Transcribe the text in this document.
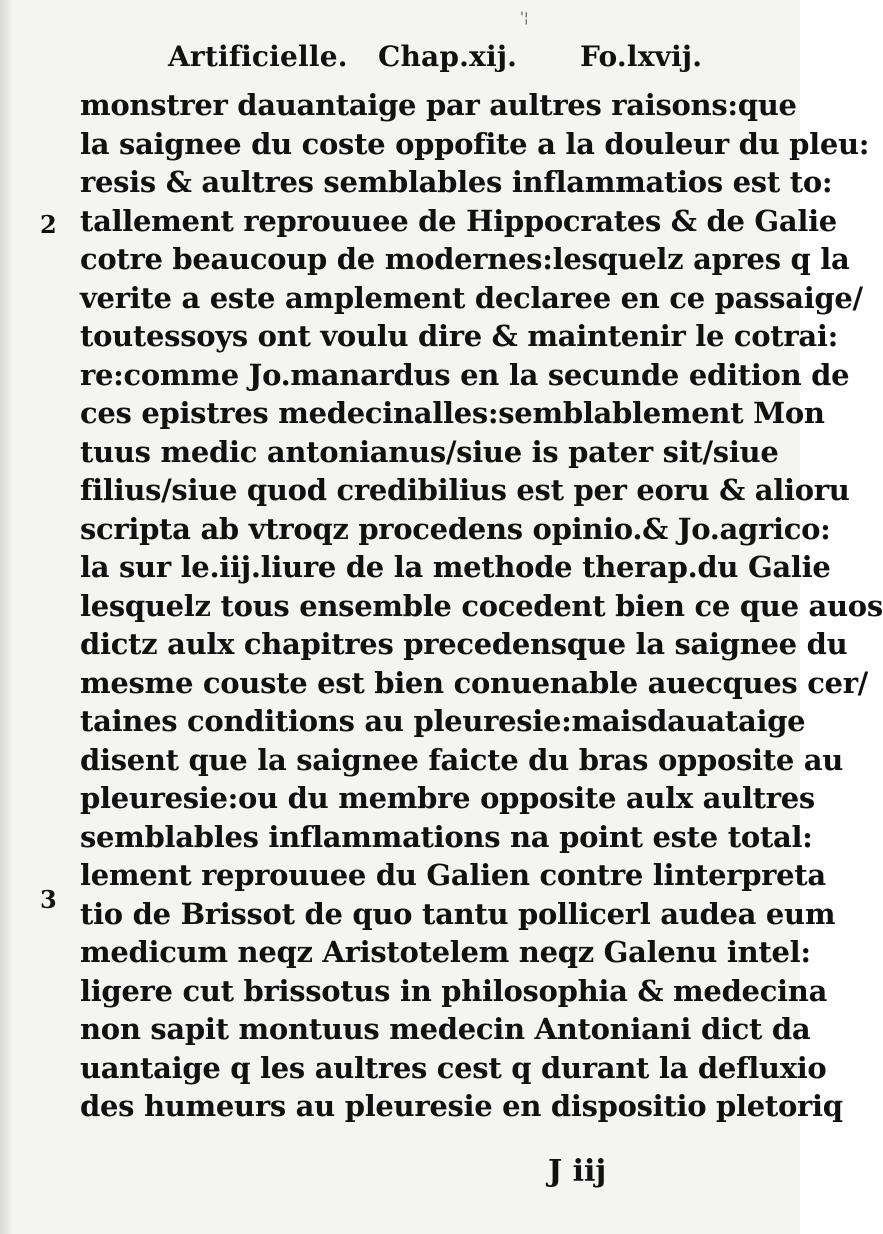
'¦
Artificielle. Chap.xij. Fo.lxvij.
2
3
monstrer dauantaige par aultres raisons:que
la saignee du coste oppofite a la douleur du pleu:
resis & aultres semblables inflammatios est to:
tallement reprouuee de Hippocrates & de Galie
cotre beaucoup de modernes:lesquelz apres q la
verite a este amplement declaree en ce passaige/
toutessoys ont voulu dire & maintenir le cotrai:
re:comme Jo.manardus en la secunde edition de
ces epistres medecinalles:semblablement Mon
tuus medic antonianus/siue is pater sit/siue
filius/siue quod credibilius est per eoru & alioru
scripta ab vtroqz procedens opinio.& Jo.agrico:
la sur le.iij.liure de la methode therap.du Galie
lesquelz tous ensemble cocedent bien ce que auos
dictz aulx chapitres precedensque la saignee du
mesme couste est bien conuenable auecques cer/
taines conditions au pleuresie:maisdauataige
disent que la saignee faicte du bras opposite au
pleuresie:ou du membre opposite aulx aultres
semblables inflammations na point este total:
lement reprouuee du Galien contre linterpreta
tio de Brissot de quo tantu pollicerl audea eum
medicum neqz Aristotelem neqz Galenu intel:
ligere cut brissotus in philosophia & medecina
non sapit montuus medecin Antoniani dict da
uantaige q les aultres cest q durant la defluxio
des humeurs au pleuresie en dispositio pletoriq
J iij
